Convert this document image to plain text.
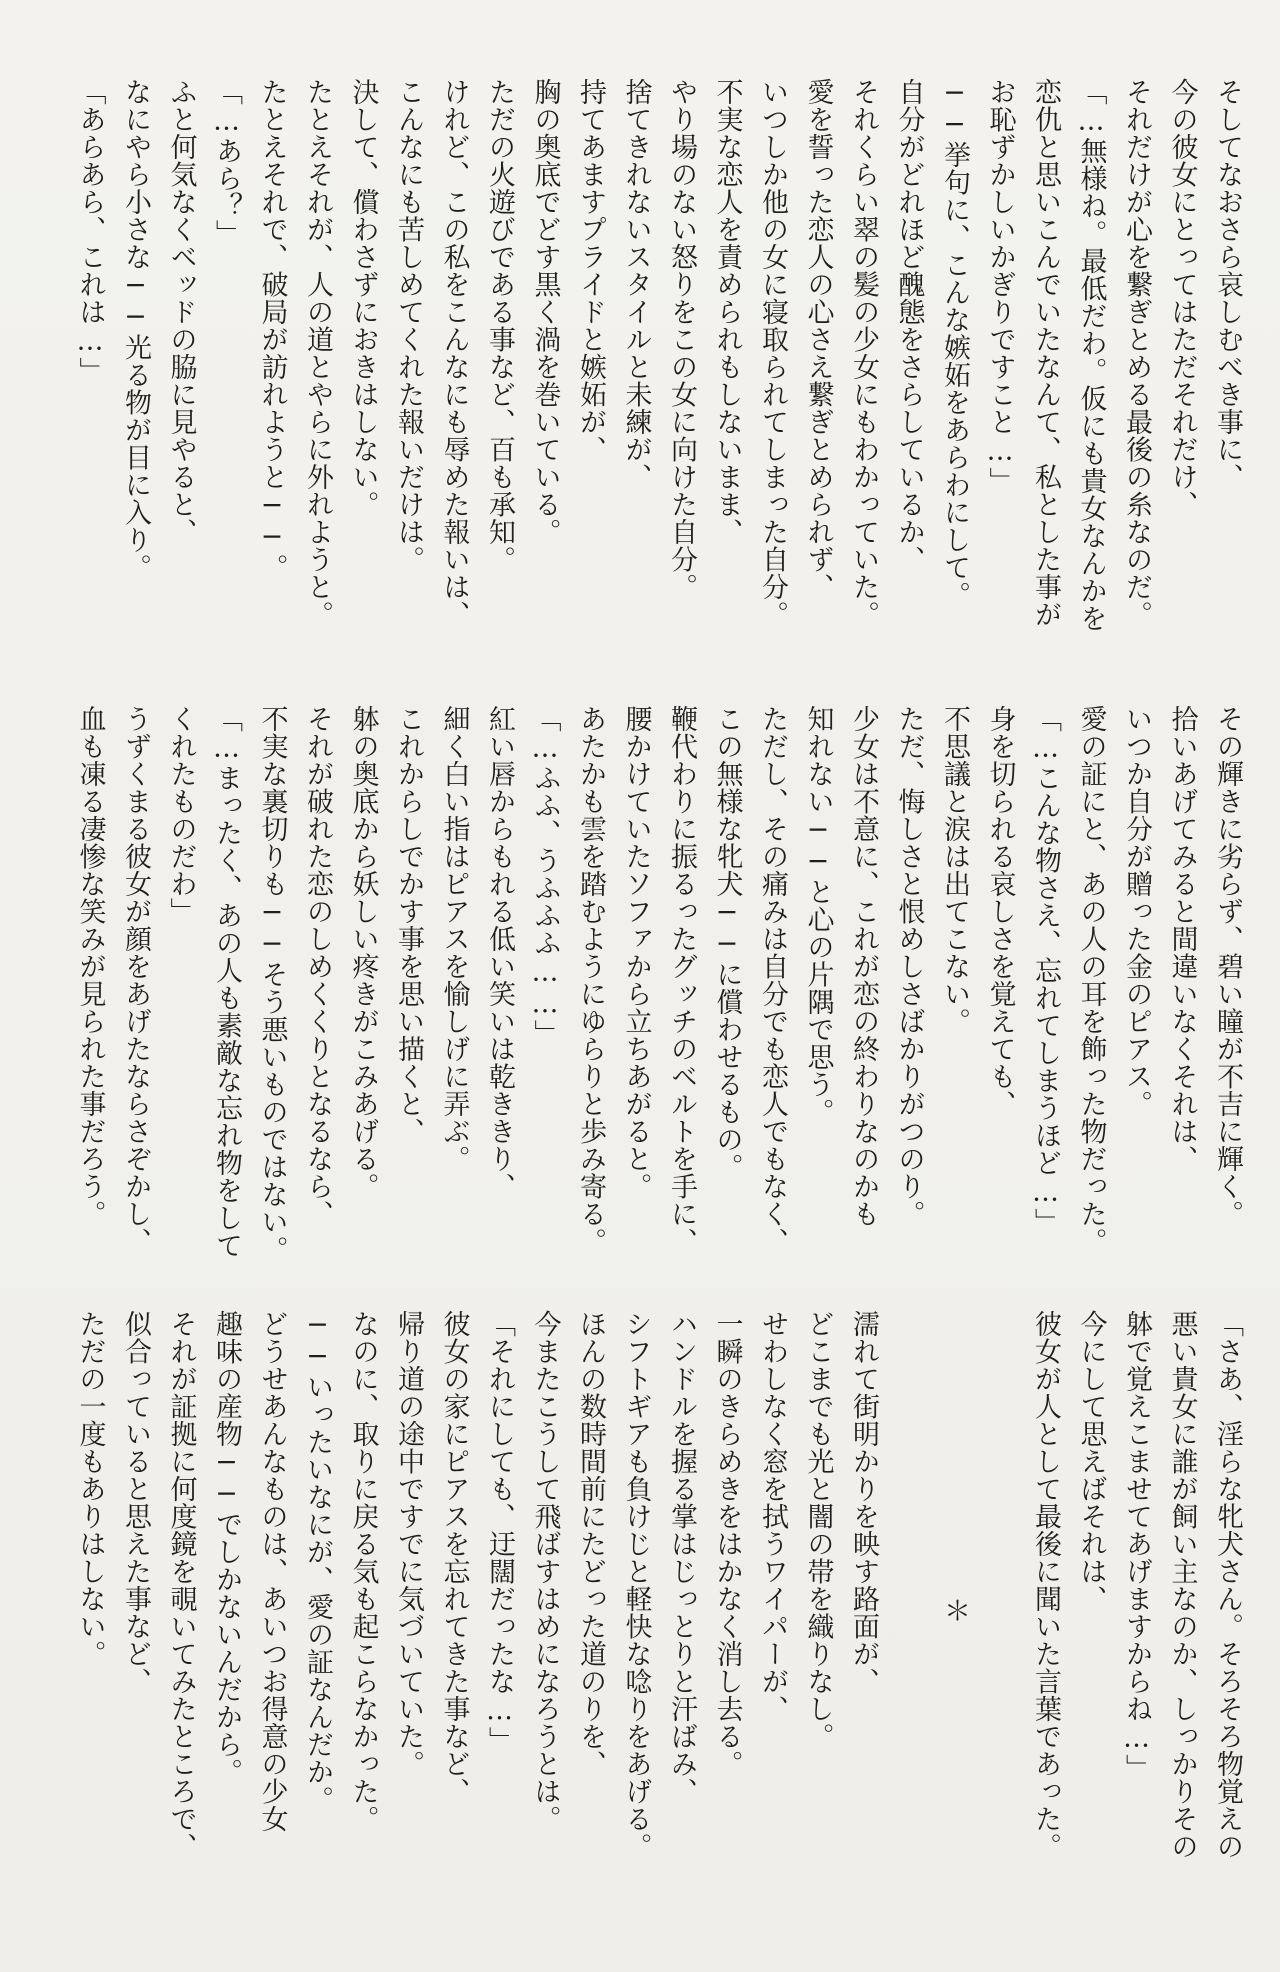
そしてなおさら哀しむべき事に、

今の彼女にとってはただそれだけ、

それだけが心を繋ぎとめる最後の糸なのだ。

「…無様ね。最低だわ。仮にも貴女なんかを

恋仇と思いこんでいたなんて、私とした事が

お恥ずかしいかぎりですこと…」

──挙句に、こんな嫉妬をあらわにして。

自分がどれほど醜態をさらしているか、

それくらい翠の髪の少女にもわかっていた。

愛を誓った恋人の心さえ繋ぎとめられず、

いつしか他の女に寝取られてしまった自分。

不実な恋人を責められもしないまま、

やり場のない怒りをこの女に向けた自分。

捨てきれないスタイルと未練が、

持てあますプライドと嫉妬が、

胸の奥底でどす黒く渦を巻いている。

ただの火遊びである事など、百も承知。

けれど、この私をこんなにも辱めた報いは、

こんなにも苦しめてくれた報いだけは。

決して、償わさずにおきはしない。

たとえそれが、人の道とやらに外れようと。

たとえそれで、破局が訪れようと──。

「…あら？」

ふと何気なくベッドの脇に見やると、

なにやら小さな──光る物が目に入り。

「あらあら、これは…」

その輝きに劣らず、碧い瞳が不吉に輝く。

拾いあげてみると間違いなくそれは、

いつか自分が贈った金のピアス。

愛の証にと、あの人の耳を飾った物だった。

「…こんな物さえ、忘れてしまうほど…」

身を切られる哀しさを覚えても、

不思議と涙は出てこない。

ただ、悔しさと恨めしさばかりがつのり。

少女は不意に、これが恋の終わりなのかも

知れない──と心の片隅で思う。

ただし、その痛みは自分でも恋人でもなく、

この無様な牝犬──に償わせるもの。

鞭代わりに振るったグッチのベルトを手に、

腰かけていたソファから立ちあがると。

あたかも雲を踏むようにゆらりと歩み寄る。

「…ふふ、うふふふ……」

紅い唇からもれる低い笑いは乾ききり、

細く白い指はピアスを愉しげに弄ぶ。

これからしでかす事を思い描くと、

躰の奥底から妖しい疼きがこみあげる。

それが破れた恋のしめくくりとなるなら、

不実な裏切りも──そう悪いものではない。

「…まったく、あの人も素敵な忘れ物をして

くれたものだわ」

うずくまる彼女が顔をあげたならさぞかし、

血も凍る凄惨な笑みが見られた事だろう。

「さあ、淫らな牝犬さん。そろそろ物覚えの

悪い貴女に誰が飼い主なのか、しっかりその

躰で覚えこませてあげますからね…」

今にして思えばそれは、

彼女が人として最後に聞いた言葉であった。

＊

濡れて街明かりを映す路面が、

どこまでも光と闇の帯を織りなし。

せわしなく窓を拭うワイパーが、

一瞬のきらめきをはかなく消し去る。

ハンドルを握る掌はじっとりと汗ばみ、

シフトギアも負けじと軽快な唸りをあげる。

ほんの数時間前にたどった道のりを、

今またこうして飛ばすはめになろうとは。

「それにしても、迂闊だったな…」

彼女の家にピアスを忘れてきた事など、

帰り道の途中ですでに気づいていた。

なのに、取りに戻る気も起こらなかった。

──いったいなにが、愛の証なんだか。

どうせあんなものは、あいつお得意の少女

趣味の産物──でしかないんだから。

それが証拠に何度鏡を覗いてみたところで、

似合っていると思えた事など、

ただの一度もありはしない。
